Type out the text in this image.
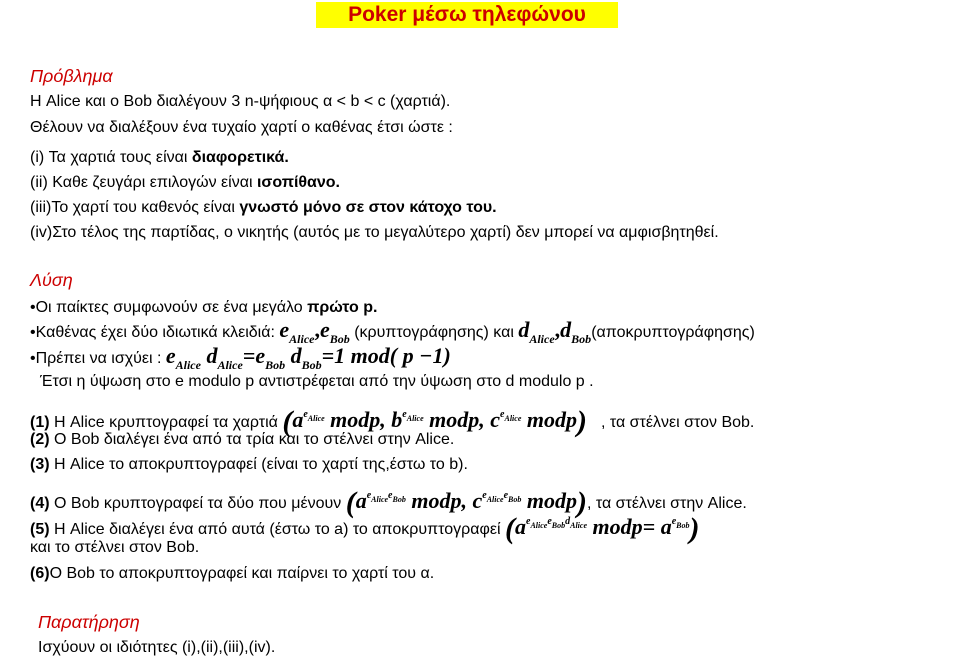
Poker μέσω τηλεφώνου
Πρόβλημα
Η Alice και ο Bob διαλέγουν 3 n-ψήφιους α < b < c (χαρτιά).
Θέλουν να διαλέξουν ένα τυχαίο χαρτί ο καθένας έτσι ώστε :
(i) Τα χαρτιά τους είναι διαφορετικά.
(ii) Καθε ζευγάρι επιλογών είναι ισοπίθανο.
(iii)Το χαρτί του καθενός είναι γνωστό μόνο σε στον κάτοχο του.
(iv)Στο τέλος της παρτίδας, ο νικητής (αυτός με το μεγαλύτερο χαρτί) δεν μπορεί να αμφισβητηθεί.
Λύση
•Οι παίκτες συμφωνούν σε ένα μεγάλο πρώτο p.
•Καθένας έχει δύο ιδιωτικά κλειδιά: $e_{Alice},e_{Bob}$ (κρυπτογράφησης) και $d_{Alice},d_{Bob}(\alpha\pi o\kappa\rho\upsilon\pi\tau o\gamma\rho ά\varphi\eta\sigma\eta\varsigma)$
•Πρέπει να ισχύει : $e_{Alice}$ $d_{Alice}=e_{Bob}$ $d_{Bob}=1$ mod( p −1)
Έτσι η ύψωση στο e modulo p αντιστρέφεται από την ύψωση στο d modulo p .
(1) Η Alice κρυπτογραφεί τα χαρτιά ($a^{eAlice}$ modp, $b^{eAlice}$ modp, $c^{eAlice}$ modp) , τα στέλνει στον Bob.
(2) Ο Bob διαλέγει ένα από τα τρία και το στέλνει στην Alice.
(3) Η Alice το αποκρυπτογραφεί (είναι το χαρτί της,έστω το b).
(4) Ο Bob κρυπτογραφεί τα δύο που μένουν ($a^{eAliceeBob}$ modp, $c^{eAliceeBob}$ modp), τα στέλνει στην Alice.
(5) Η Alice διαλέγει ένα από αυτά (έστω το a) το αποκρυπτογραφεί ($a^{eAliceeBobdAlice}$ modp= $a^{eBob}$)
και το στέλνει στον Bob.
(6)O Bob το αποκρυπτογραφεί και παίρνει το χαρτί του α.
Παρατήρηση
Ισχύουν οι ιδιότητες (i),(ii),(iii),(iv).
